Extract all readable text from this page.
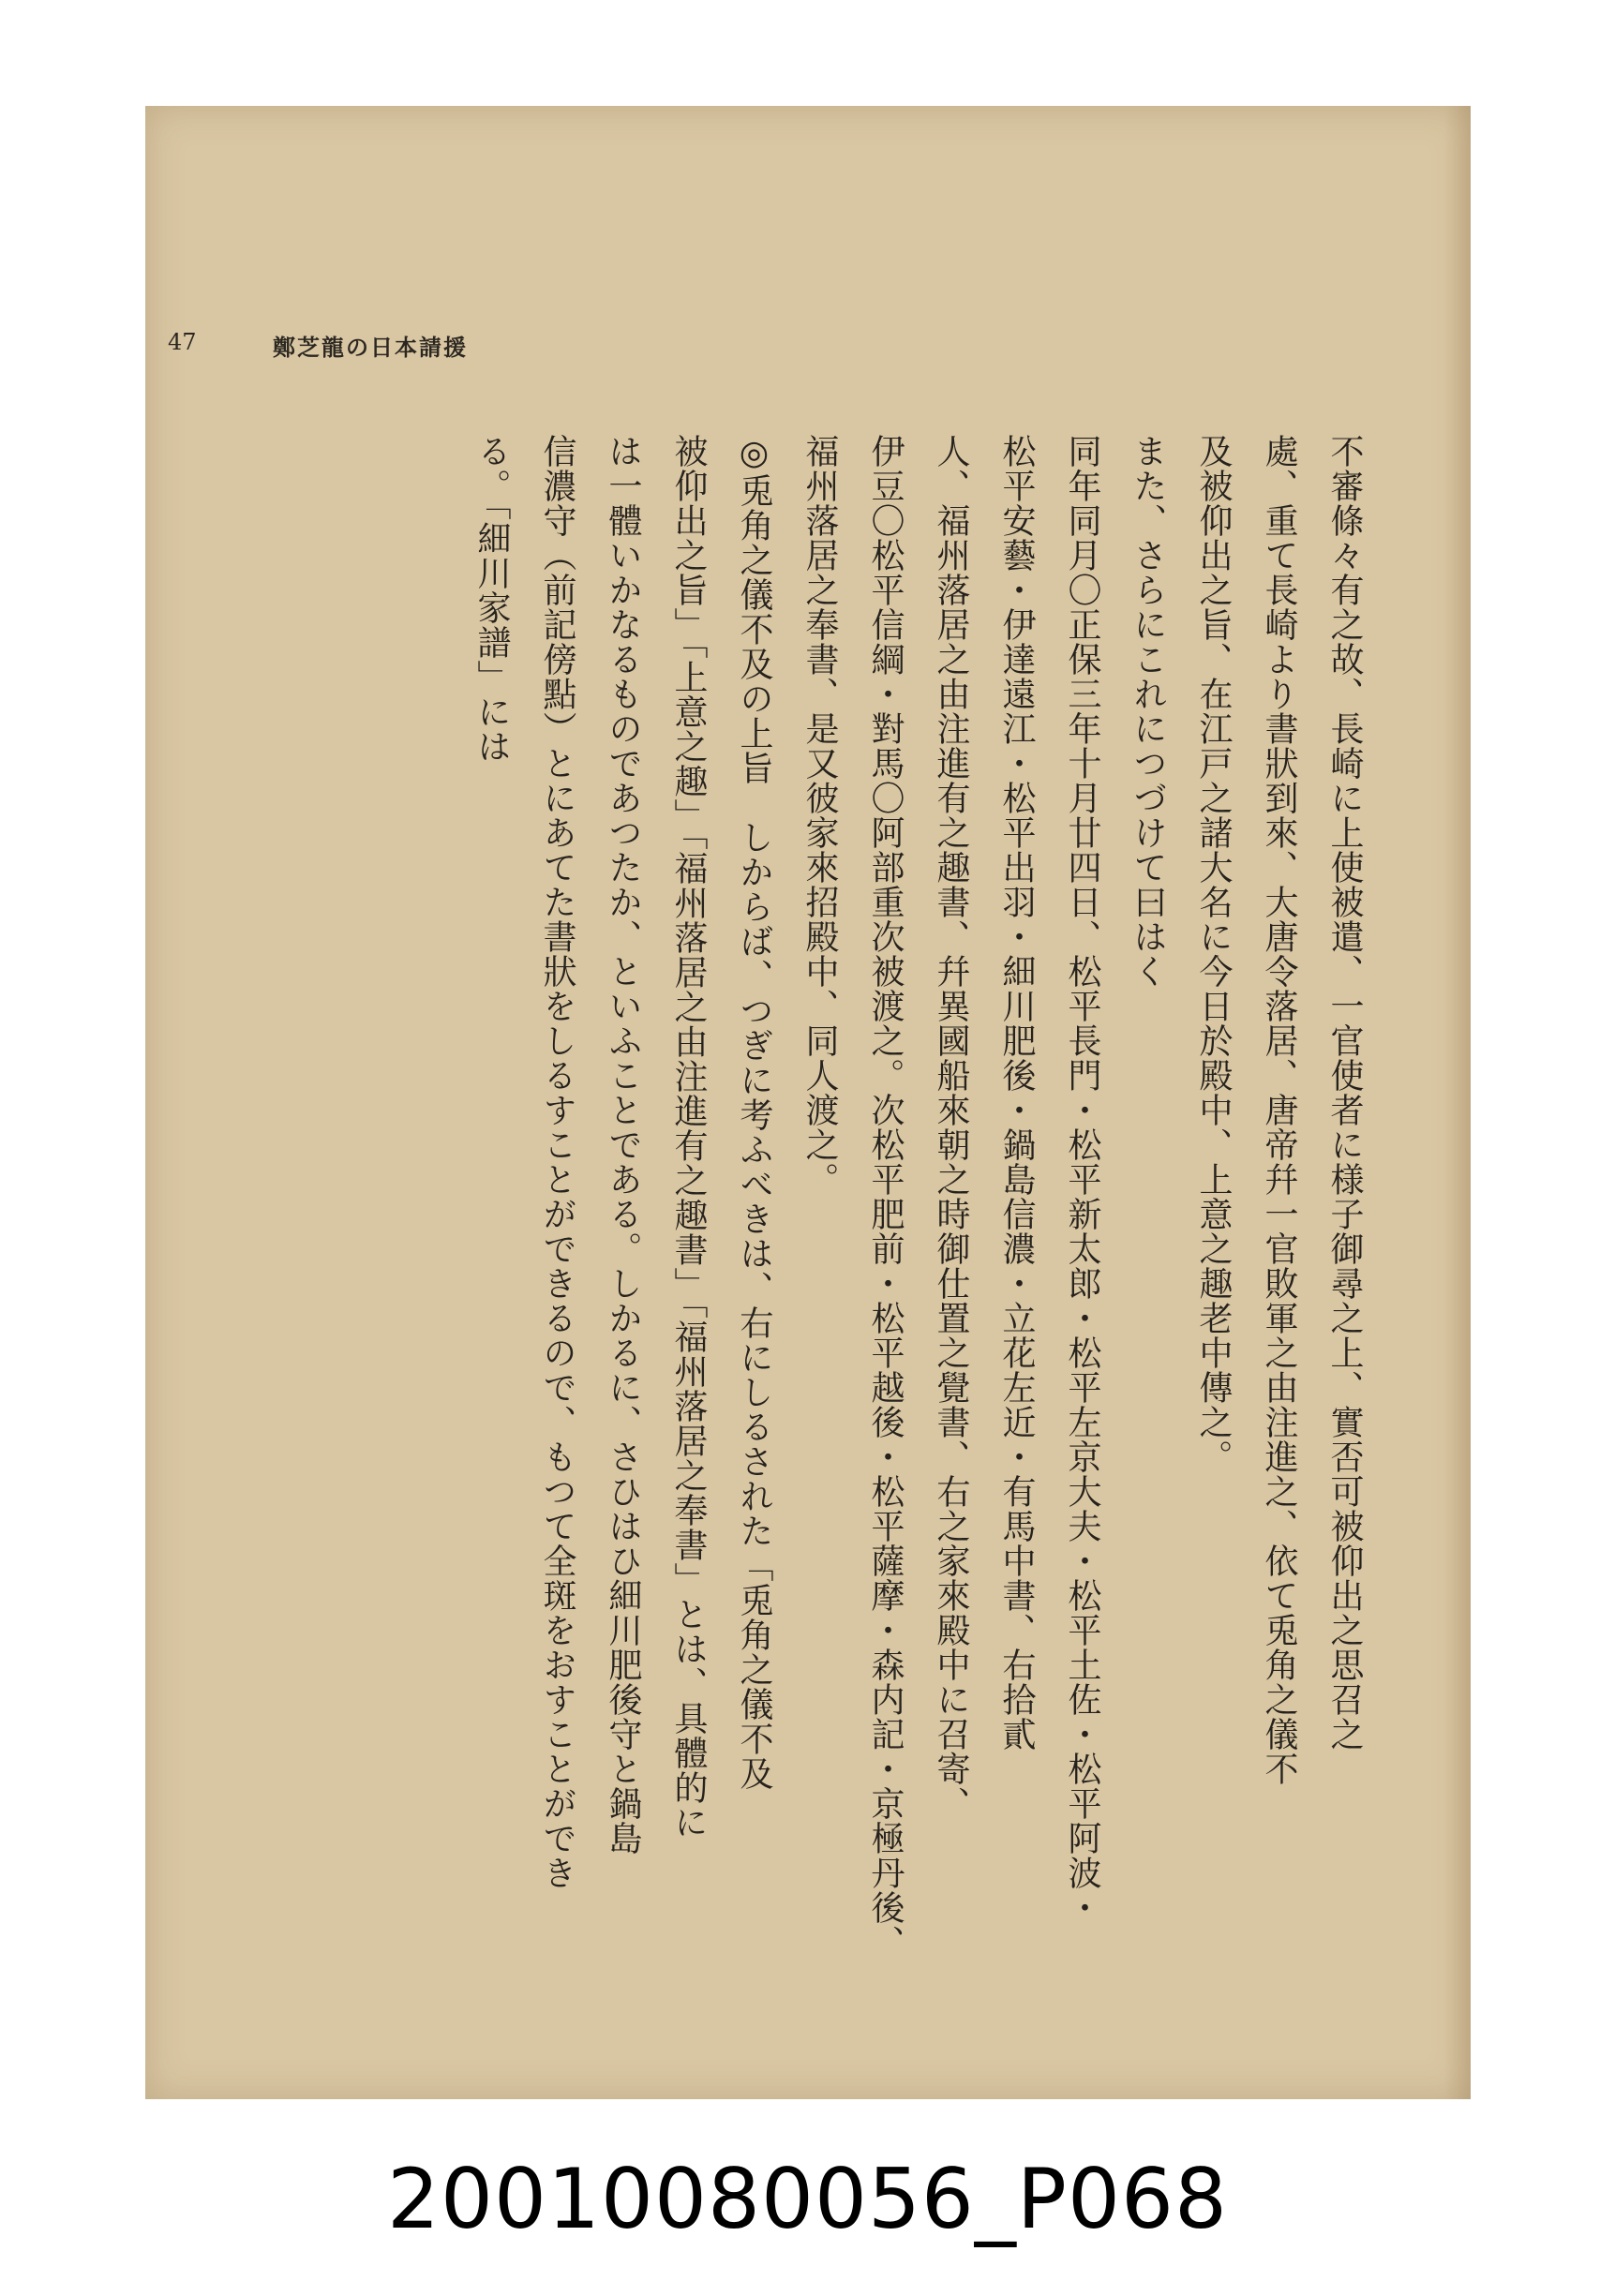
47	鄭芝龍の日本請援
不審條々有之故、長崎に上使被遣、一官使者に様子御尋之上、實否可被仰出之思召之
處、重て長崎より書狀到來、大唐令落居、唐帝幷一官敗軍之由注進之、依て兎角之儀不
及被仰出之旨、在江戸之諸大名に今日於殿中、上意之趣老中傳之。
また、さらにこれにつづけて曰はく
同年同月〇正保三年十月廿四日、松平長門・松平新太郎・松平左京大夫・松平土佐・松平阿波・
松平安藝・伊達遠江・松平出羽・細川肥後・鍋島信濃・立花左近・有馬中書、右拾貳
人、福州落居之由注進有之趣書、幷異國船來朝之時御仕置之覺書、右之家來殿中に召寄、
伊豆〇松平信綱・對馬〇阿部重次被渡之。次松平肥前・松平越後・松平薩摩・森内記・京極丹後、
福州落居之奉書、是又彼家來招殿中、同人渡之。
◎兎角之儀不及の上旨　しからば、つぎに考ふべきは、右にしるされた「兎角之儀不及
被仰出之旨」「上意之趣」「福州落居之由注進有之趣書」「福州落居之奉書」とは、具體的に
は一體いかなるものであつたか、といふことである。しかるに、さひはひ細川肥後守と鍋島
信濃守（前記傍點）とにあてた書狀をしるすことができるので、もつて全斑をおすことができ
る。「細川家譜」には
20010080056_P068
